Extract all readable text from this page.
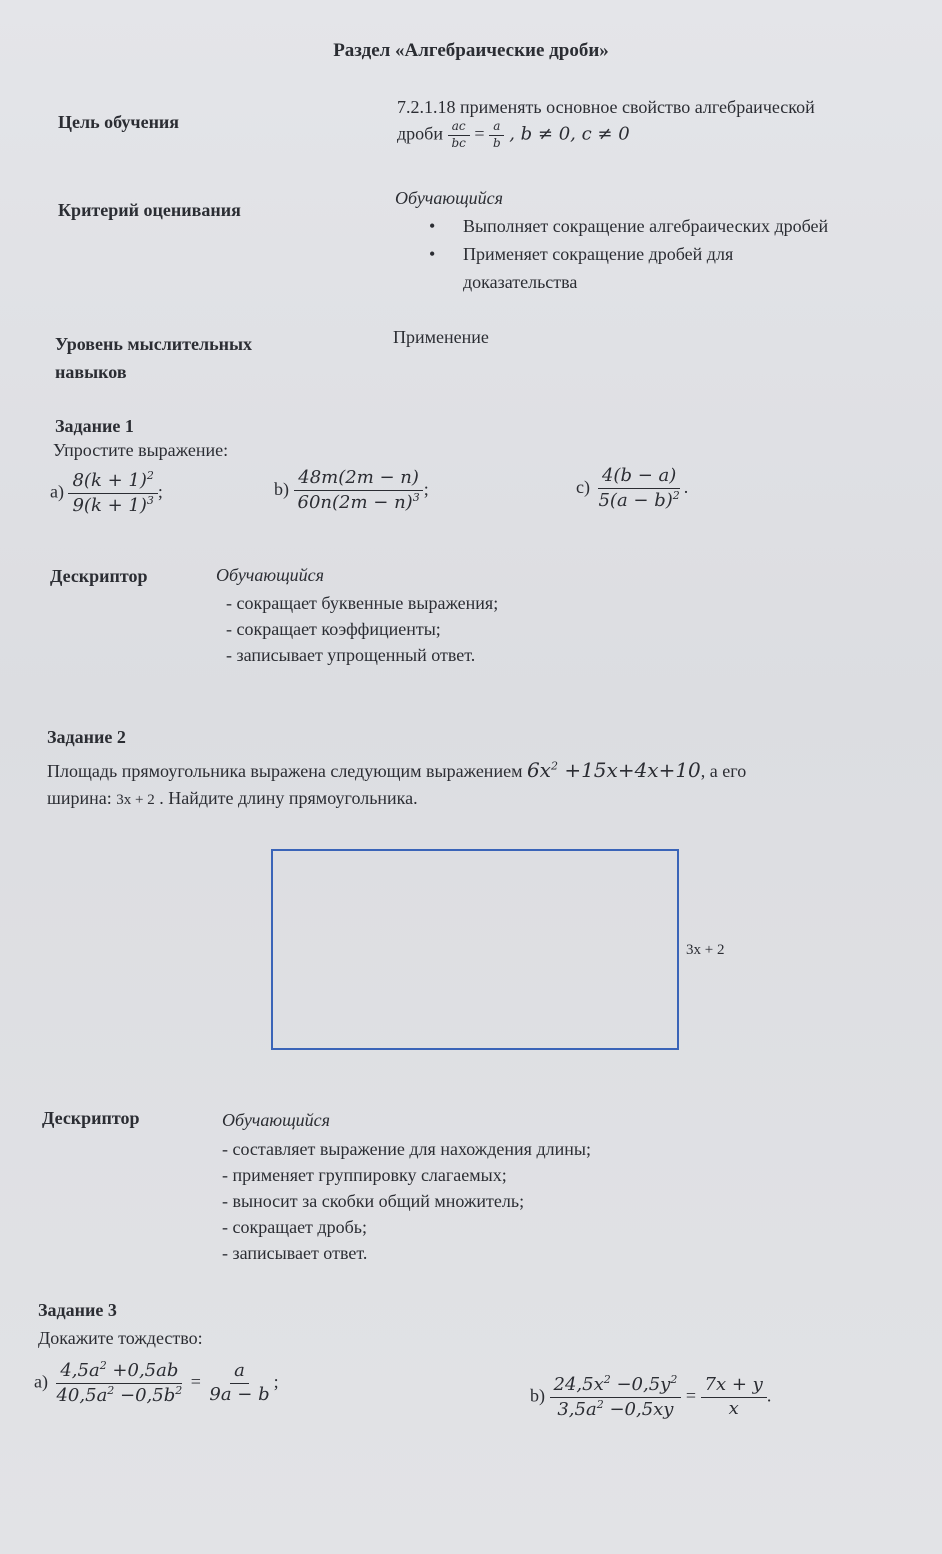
Раздел «Алгебраические дроби»
Цель обучения
7.2.1.18 применять основное свойство алгебраической
дроби $\frac{ac}{bc} = \frac{a}{b}$ , b ≠ 0, c ≠ 0
Критерий оценивания
Обучающийся
• Выполняет сокращение алгебраических дробей
• Применяет сокращение дробей для
доказательства
Уровень мыслительных
навыков
Применение
Задание 1
Упростите выражение:
$a) \frac{8(k + 1)^2}{9(k + 1)^3}$ ;	$b) \frac{48m(2m - n)}{60n(2m - n)^3}$ ;	$c) \frac{4(b - a)}{5(a - b)^2}$ .
Дескриптор	Обучающийся
- сокращает буквенные выражения;
- сокращает коэффициенты;
- записывает упрощенный ответ.
Задание 2
Площадь прямоугольника выражена следующим выражением $6x^2 +15x+4x+10$, а его
ширина: 3x + 2 . Найдите длину прямоугольника.
3x + 2
Дескриптор	Обучающийся
- составляет выражение для нахождения длины;
- применяет группировку слагаемых;
- выносит за скобки общий множитель;
- сокращает дробь;
- записывает ответ.
Задание 3
Докажите тождество:
$a) \frac{4,5a^2 +0,5ab}{40,5a^2 -0,5b^2} = \frac{a}{9a - b}$ ;
$b) \frac{24,5x^2 -0,5y^2}{3,5a^2 -0,5xy} = \frac{7x + y}{x}$ .
